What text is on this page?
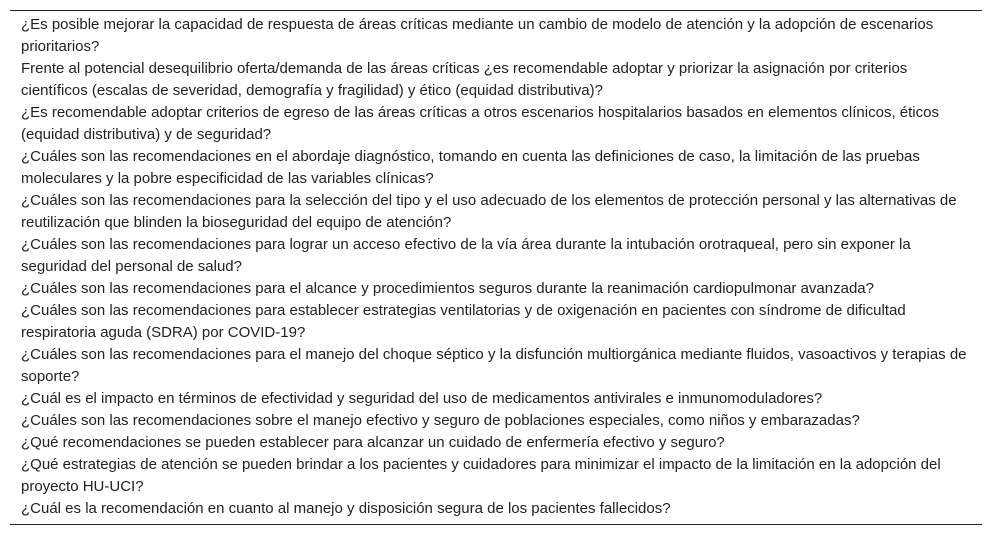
¿Es posible mejorar la capacidad de respuesta de áreas críticas mediante un cambio de modelo de atención y la adopción de escenarios prioritarios?
Frente al potencial desequilibrio oferta/demanda de las áreas críticas ¿es recomendable adoptar y priorizar la asignación por criterios científicos (escalas de severidad, demografía y fragilidad) y ético (equidad distributiva)?
¿Es recomendable adoptar criterios de egreso de las áreas críticas a otros escenarios hospitalarios basados en elementos clínicos, éticos (equidad distributiva) y de seguridad?
¿Cuáles son las recomendaciones en el abordaje diagnóstico, tomando en cuenta las definiciones de caso, la limitación de las pruebas moleculares y la pobre especificidad de las variables clínicas?
¿Cuáles son las recomendaciones para la selección del tipo y el uso adecuado de los elementos de protección personal y las alternativas de reutilización que blinden la bioseguridad del equipo de atención?
¿Cuáles son las recomendaciones para lograr un acceso efectivo de la vía área durante la intubación orotraqueal, pero sin exponer la seguridad del personal de salud?
¿Cuáles son las recomendaciones para el alcance y procedimientos seguros durante la reanimación cardiopulmonar avanzada?
¿Cuáles son las recomendaciones para establecer estrategias ventilatorias y de oxigenación en pacientes con síndrome de dificultad respiratoria aguda (SDRA) por COVID-19?
¿Cuáles son las recomendaciones para el manejo del choque séptico y la disfunción multiorgánica mediante fluidos, vasoactivos y terapias de soporte?
¿Cuál es el impacto en términos de efectividad y seguridad del uso de medicamentos antivirales e inmunomoduladores?
¿Cuáles son las recomendaciones sobre el manejo efectivo y seguro de poblaciones especiales, como niños y embarazadas?
¿Qué recomendaciones se pueden establecer para alcanzar un cuidado de enfermería efectivo y seguro?
¿Qué estrategias de atención se pueden brindar a los pacientes y cuidadores para minimizar el impacto de la limitación en la adopción del proyecto HU-UCI?
¿Cuál es la recomendación en cuanto al manejo y disposición segura de los pacientes fallecidos?
